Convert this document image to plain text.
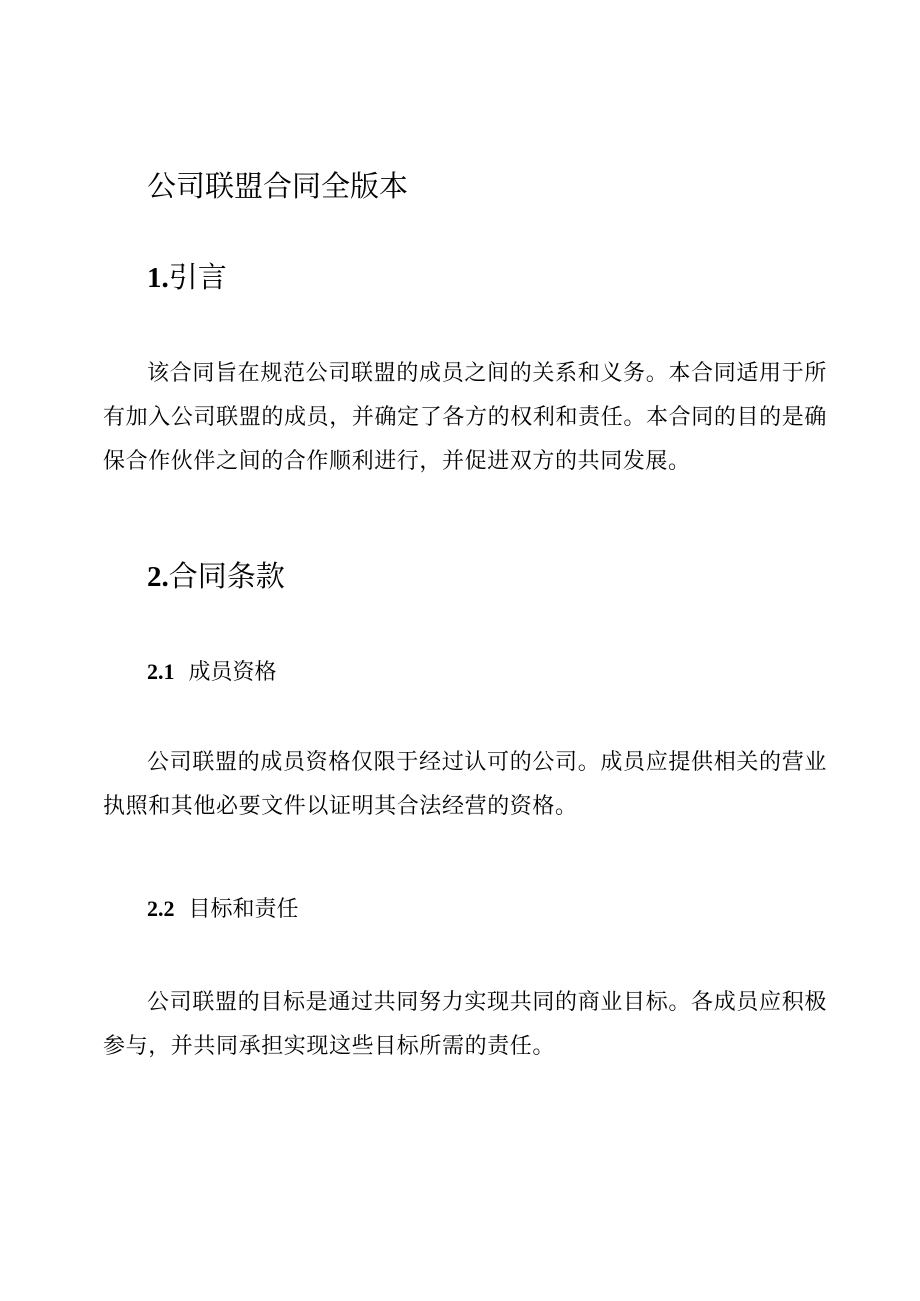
公司联盟合同全版本
1.引言

该合同旨在规范公司联盟的成员之间的关系和义务。本合同适用于所有加入公司联盟的成员，并确定了各方的权利和责任。本合同的目的是确保合作伙伴之间的合作顺利进行，并促进双方的共同发展。

2.合同条款
2.1 成员资格

公司联盟的成员资格仅限于经过认可的公司。成员应提供相关的营业执照和其他必要文件以证明其合法经营的资格。

2.2 目标和责任

公司联盟的目标是通过共同努力实现共同的商业目标。各成员应积极参与，并共同承担实现这些目标所需的责任。
